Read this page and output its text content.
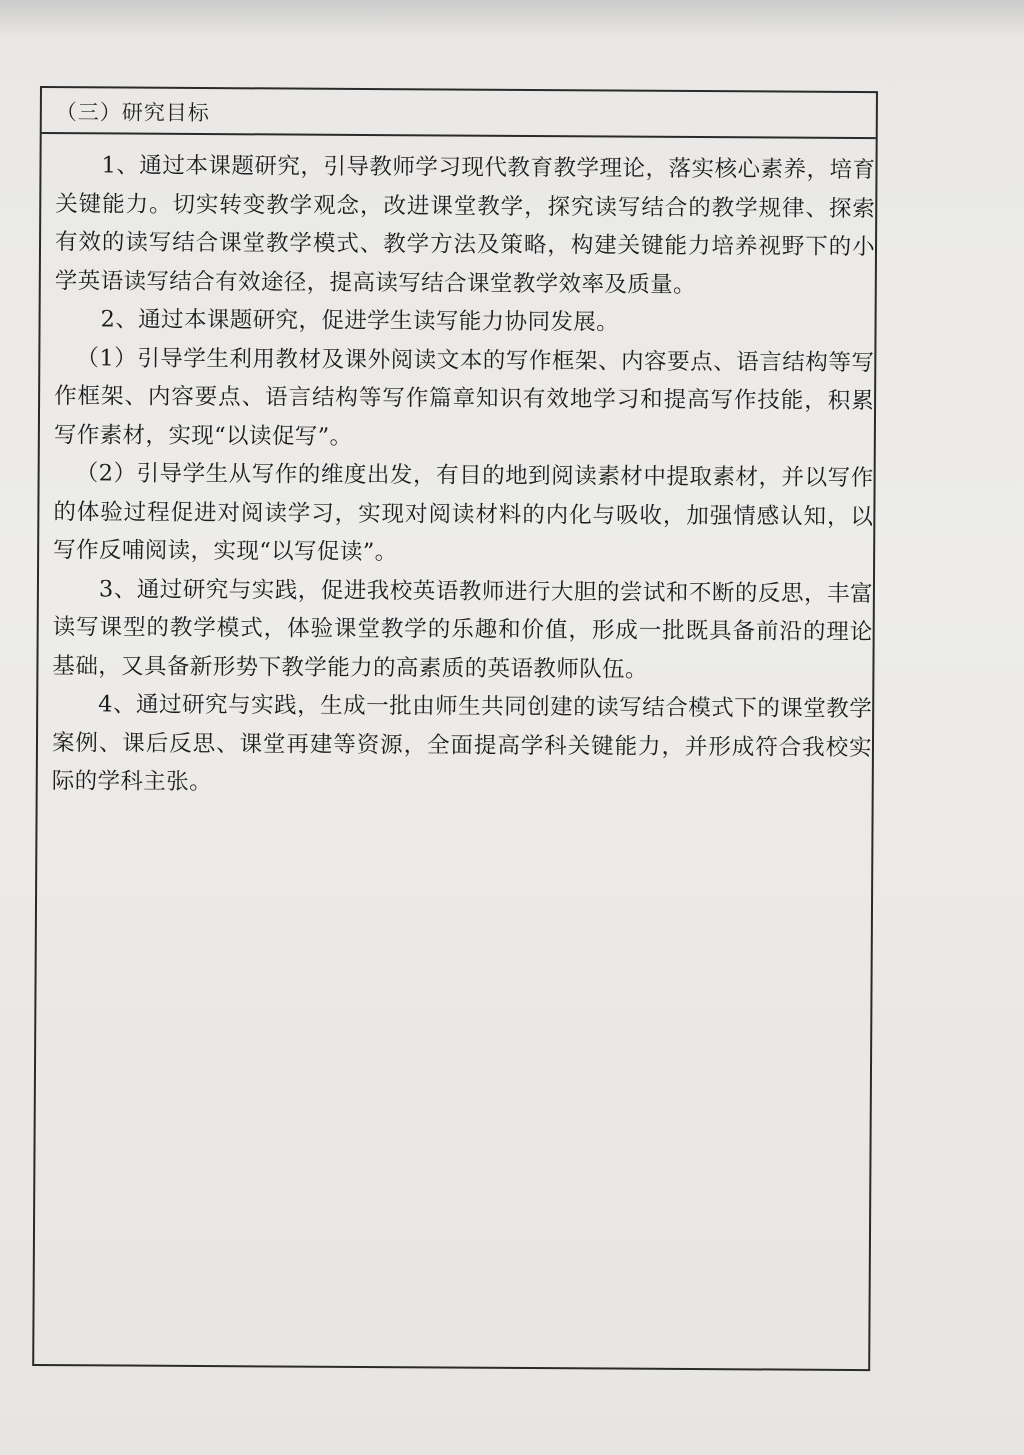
（三）研究目标

1、通过本课题研究，引导教师学习现代教育教学理论，落实核心素养，培育关键能力。切实转变教学观念，改进课堂教学，探究读写结合的教学规律、探索有效的读写结合课堂教学模式、教学方法及策略，构建关键能力培养视野下的小学英语读写结合有效途径，提高读写结合课堂教学效率及质量。

2、通过本课题研究，促进学生读写能力协同发展。

（1）引导学生利用教材及课外阅读文本的写作框架、内容要点、语言结构等写作框架、内容要点、语言结构等写作篇章知识有效地学习和提高写作技能，积累写作素材，实现“以读促写”。

（2）引导学生从写作的维度出发，有目的地到阅读素材中提取素材，并以写作的体验过程促进对阅读学习，实现对阅读材料的内化与吸收，加强情感认知，以写作反哺阅读，实现“以写促读”。

3、通过研究与实践，促进我校英语教师进行大胆的尝试和不断的反思，丰富读写课型的教学模式，体验课堂教学的乐趣和价值，形成一批既具备前沿的理论基础，又具备新形势下教学能力的高素质的英语教师队伍。

4、通过研究与实践，生成一批由师生共同创建的读写结合模式下的课堂教学案例、课后反思、课堂再建等资源，全面提高学科关键能力，并形成符合我校实际的学科主张。
